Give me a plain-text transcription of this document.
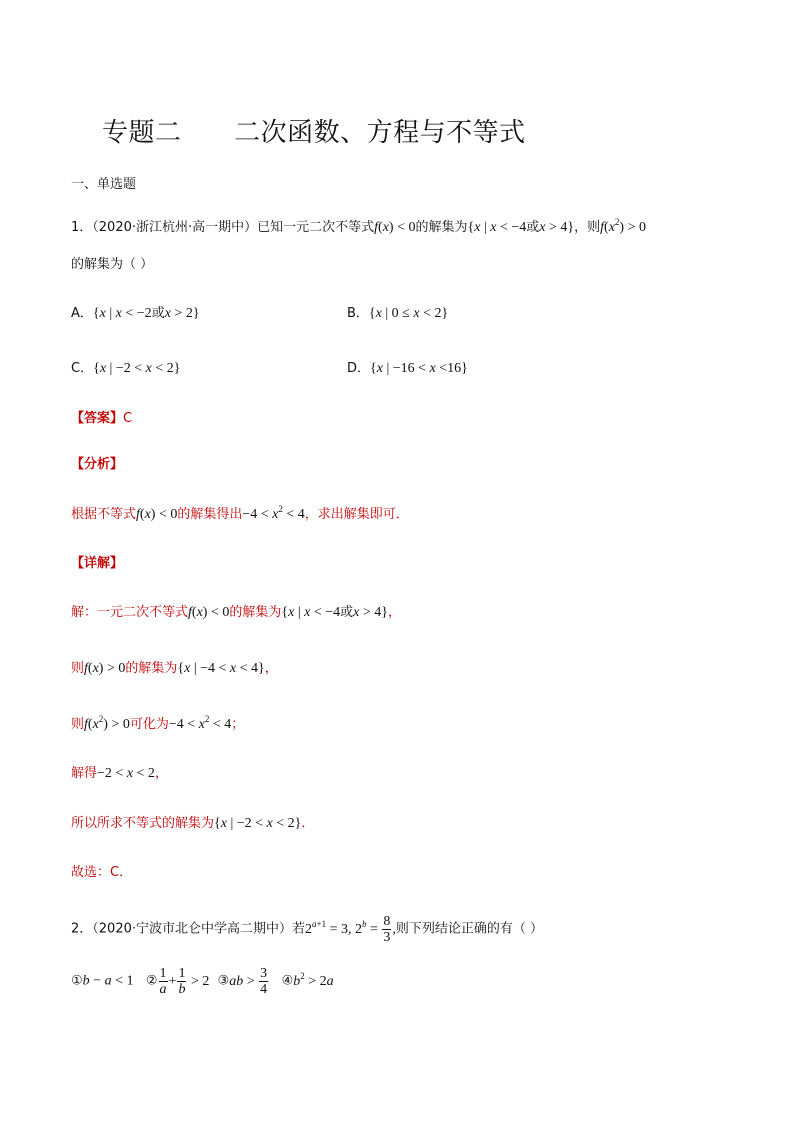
专题二      二次函数、方程与不等式
一、单选题
1．（2020·浙江杭州·高一期中）已知一元二次不等式f(x) < 0的解集为{x | x < −4或x > 4}，则$f(x^2) > 0$
的解集为（ ）
A．{x | x < −2或x > 2}	B．{x | 0 ≤ x < 2}
C．{x | −2 < x < 2}	D．{x | −16 < x <16}
【答案】C
【分析】
根据不等式f(x) < 0的解集得出$-4 < x^2 < 4$，求出解集即可．
【详解】
解：一元二次不等式f(x) < 0的解集为{x | x < −4或x > 4}，
则f(x) > 0的解集为{x | −4 < x < 4}，
则$f(x^2) > 0$可化为$-4 < x^2 < 4$；
解得−2 < x < 2，
所以所求不等式的解集为{x | −2 < x < 2}．
故选：C．
2．（2020·宁波市北仑中学高二期中）若$2^{a+1} = 3$, $2^b = \frac{8}{3}$ ,则下列结论正确的有（ ）
①b − a < 1 ② $\frac{1}{a} + \frac{1}{b} > 2$ ③ab > $\frac{3}{4}$ $④b^2 > 2a$
